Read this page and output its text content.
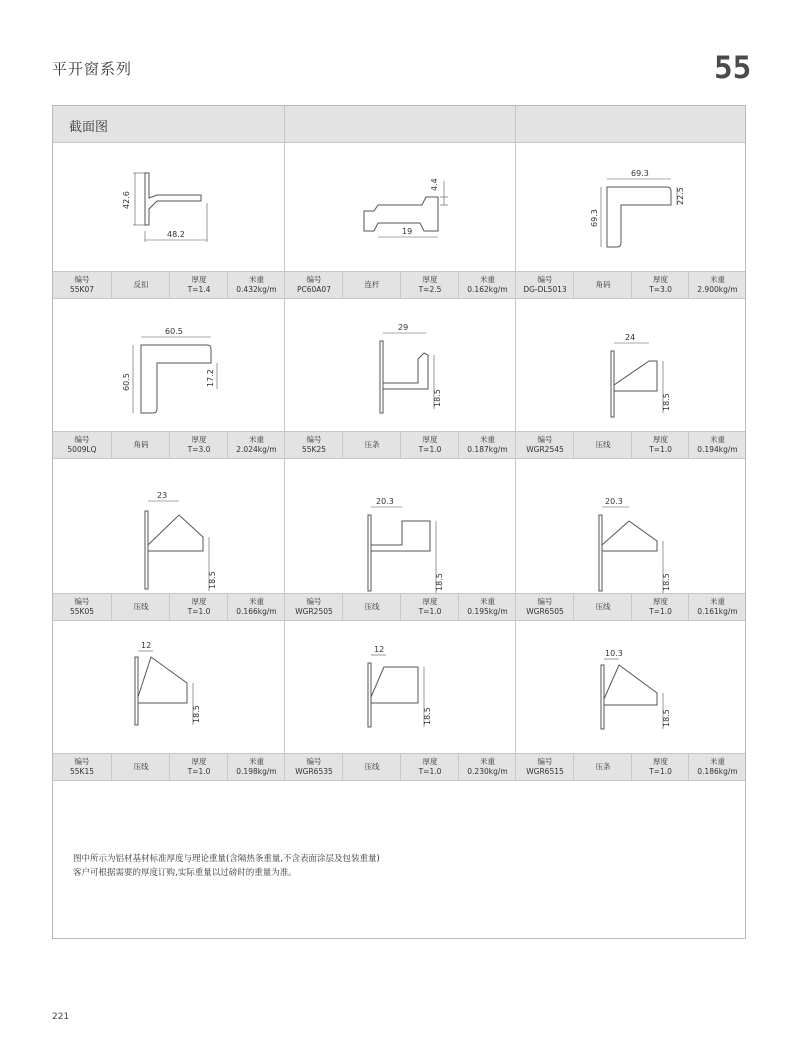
平开窗系列	55
截面图
42.6
48.2
4.4
19
69.3
22.5
69.3
编号
55K07
反扣
厚度
T=1.4
米重
0.432kg/m
编号
PC60A07
连杆
厚度
T=2.5
米重
0.162kg/m
编号
DG-DL5013
角码
厚度
T=3.0
米重
2.900kg/m
60.5
60.5	17.2
29
18.5
24
18.5
编号
5009LQ
角码
厚度
T=3.0
米重
2.024kg/m
编号
55K25
压条
厚度
T=1.0
米重
0.187kg/m
编号
WGR2545
压线
厚度
T=1.0
米重
0.194kg/m
23
18.5
20.3
18.5
20.3
18.5
编号
55K05
压线
厚度
T=1.0
米重
0.166kg/m
编号
WGR2505
压线
厚度
T=1.0
米重
0.195kg/m
编号
WGR6505
压线
厚度
T=1.0
米重
0.161kg/m
12
18.5
12
18.5
10.3
18.5
编号
55K15
压线
厚度
T=1.0
米重
0.198kg/m
编号
WGR6535
压线
厚度
T=1.0
米重
0.230kg/m
编号
WGR6515
压条
厚度
T=1.0
米重
0.186kg/m
图中所示为铝材基材标准厚度与理论重量(含隔热条重量,不含表面涂层及包装重量)
客户可根据需要的厚度订购,实际重量以过磅时的重量为准。
221
